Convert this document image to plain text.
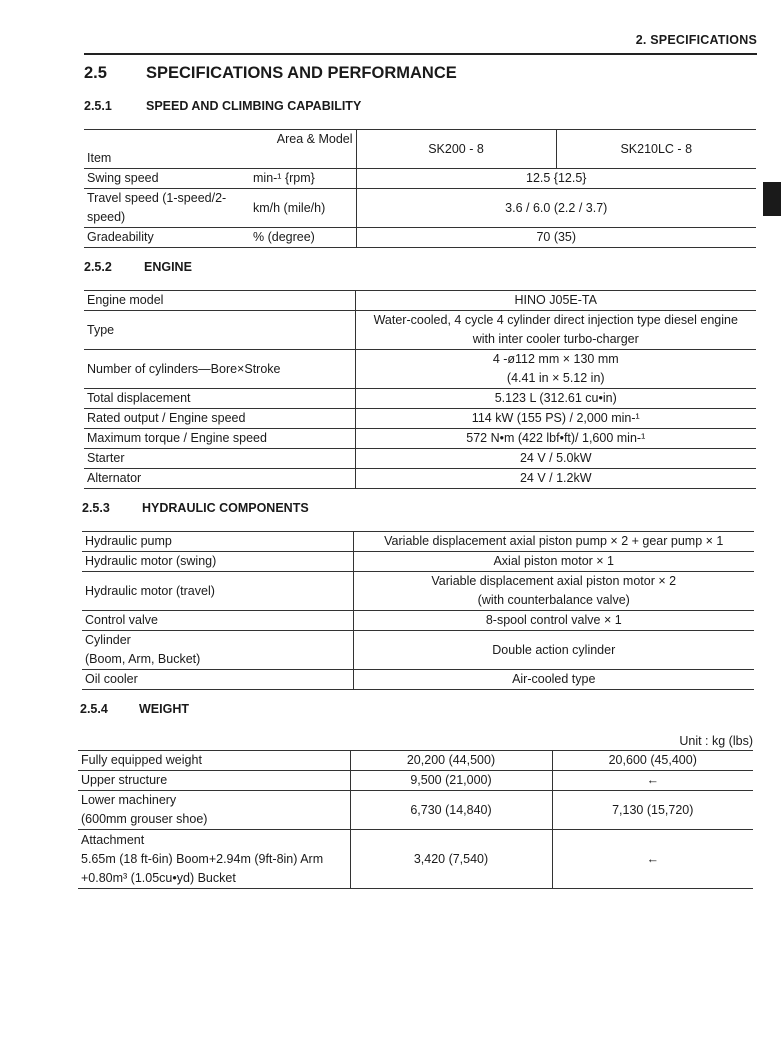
2. SPECIFICATIONS
2.5 SPECIFICATIONS AND PERFORMANCE
2.5.1	SPEED AND CLIMBING CAPABILITY
Area & Model		SK200 - 8	SK210LC - 8
Item			
Swing speed	min-¹ {rpm}	12.5 {12.5}	
Travel speed (1-speed/2-speed)	km/h (mile/h)	3.6 / 6.0 (2.2 / 3.7)	
Gradeability	% (degree)	70 (35)	
2.5.2	ENGINE
Engine model	HINO J05E-TA
Type	Water-cooled, 4 cycle 4 cylinder direct injection type diesel engine
with inter cooler turbo-charger

Number of cylinders—Bore×Stroke	4 -ø112 mm × 130 mm
(4.41 in × 5.12 in)

Total displacement	5.123 L (312.61 cu•in)
Rated output / Engine speed	114 kW (155 PS) / 2,000 min-¹
Maximum torque / Engine speed	572 N•m (422 lbf•ft)/ 1,600 min-¹
Starter	24 V / 5.0kW
Alternator	24 V / 1.2kW
2.5.3	HYDRAULIC COMPONENTS
Hydraulic pump	Variable displacement axial piston pump × 2 + gear pump × 1
Hydraulic motor (swing)	Axial piston motor × 1
Hydraulic motor (travel)	Variable displacement axial piston motor × 2
(with counterbalance valve)

Control valve	8-spool control valve × 1

Cylinder
(Boom, Arm, Bucket)	Double action cylinder
Oil cooler	Air-cooled type
2.5.4 WEIGHT
Unit : kg (lbs)
Fully equipped weight	20,200 (44,500)	20,600 (45,400)
Upper structure	9,500 (21,000)	←

Lower machinery
(600mm grouser shoe)	6,730 (14,840)	7,130 (15,720)

Attachment
5.65m (18 ft-6in) Boom+2.94m (9ft-8in) Arm
+0.80m³ (1.05cu•yd) Bucket	3,420 (7,540)	←
